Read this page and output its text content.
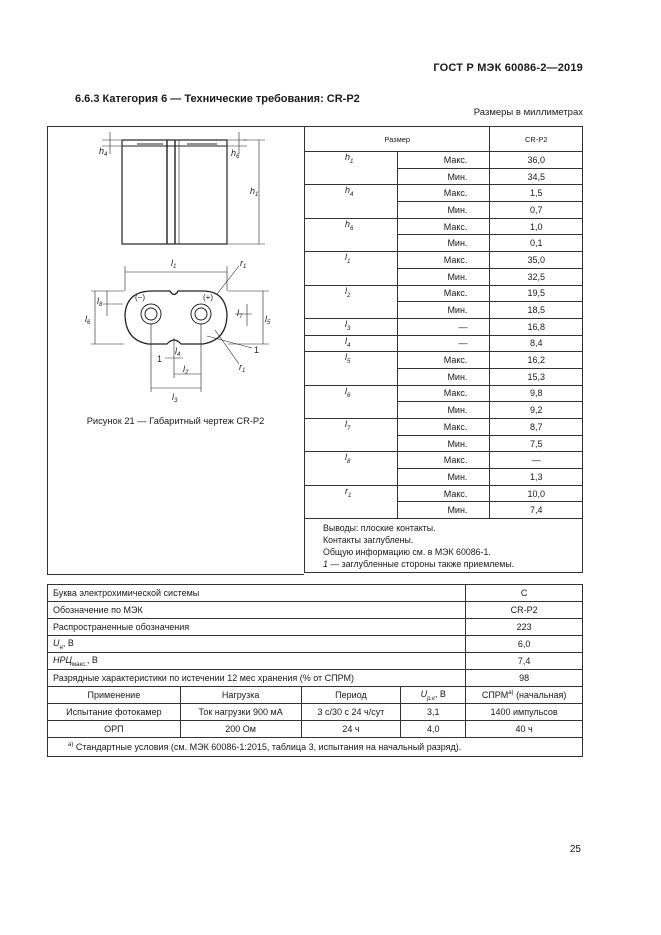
ГОСТ Р МЭК 60086-2—2019
6.6.3 Категория 6 — Технические требования: CR-P2
Размеры в миллиметрах
$h_4$	$h_6$
$h_1$
$l_1$	$r_1$
$l_6$
$l_8$
$l_5$
$l_7$
1
$r_1$
1
$l_4$
$l_2$
$l_3$
(−)	(+)
Рисунок 21 — Габаритный чертеж CR-P2
Размер		CR-P2
$h_1$	Макс.	36,0
	Мин.	34,5
$h_4$	Макс.	1,5
	Мин.	0,7
$h_6$	Макс.	1,0
	Мин.	0,1
$l_1$	Макс.	35,0
	Мин.	32,5
$l_2$	Макс.	19,5
	Мин.	18,5
$l_3$	—	16,8
$l_4$	—	8,4
$l_5$	Макс.	16,2
	Мин.	15,3
$l_6$	Макс.	9,8
	Мин.	9,2
$l_7$	Макс.	8,7
	Мин.	7,5
$l_8$	Макс.	—
	Мин.	1,3
$r_1$	Макс.	10,0
	Мин.	7,4

Выводы: плоские контакты.
Контакты заглублены.
Общую информацию см. в МЭК 60086-1.
1 — заглубленные стороны также приемлемы.		
Буква электрохимической системы				C
Обозначение по МЭК				CR-P2
Распространенные обозначения				223
$U_н$, В				6,0
$НРЦ_{макс.}$, В				7,4
Разрядные характеристики по истечении 12 мес хранения (% от СПРМ)				98
Применение	Нагрузка	Период	$U_{р.к}$, В	$СПРМ^{а)}$ (начальная)
Испытание фотокамер	Ток нагрузки 900 мА	3 с/30 с 24 ч/сут	3,1	1400 импульсов
ОРП	200 Ом	24 ч	4,0	40 ч
$^{а)}$ Стандартные условия (см. МЭК 60086-1:2015, таблица 3, испытания на начальный разряд).				
25
